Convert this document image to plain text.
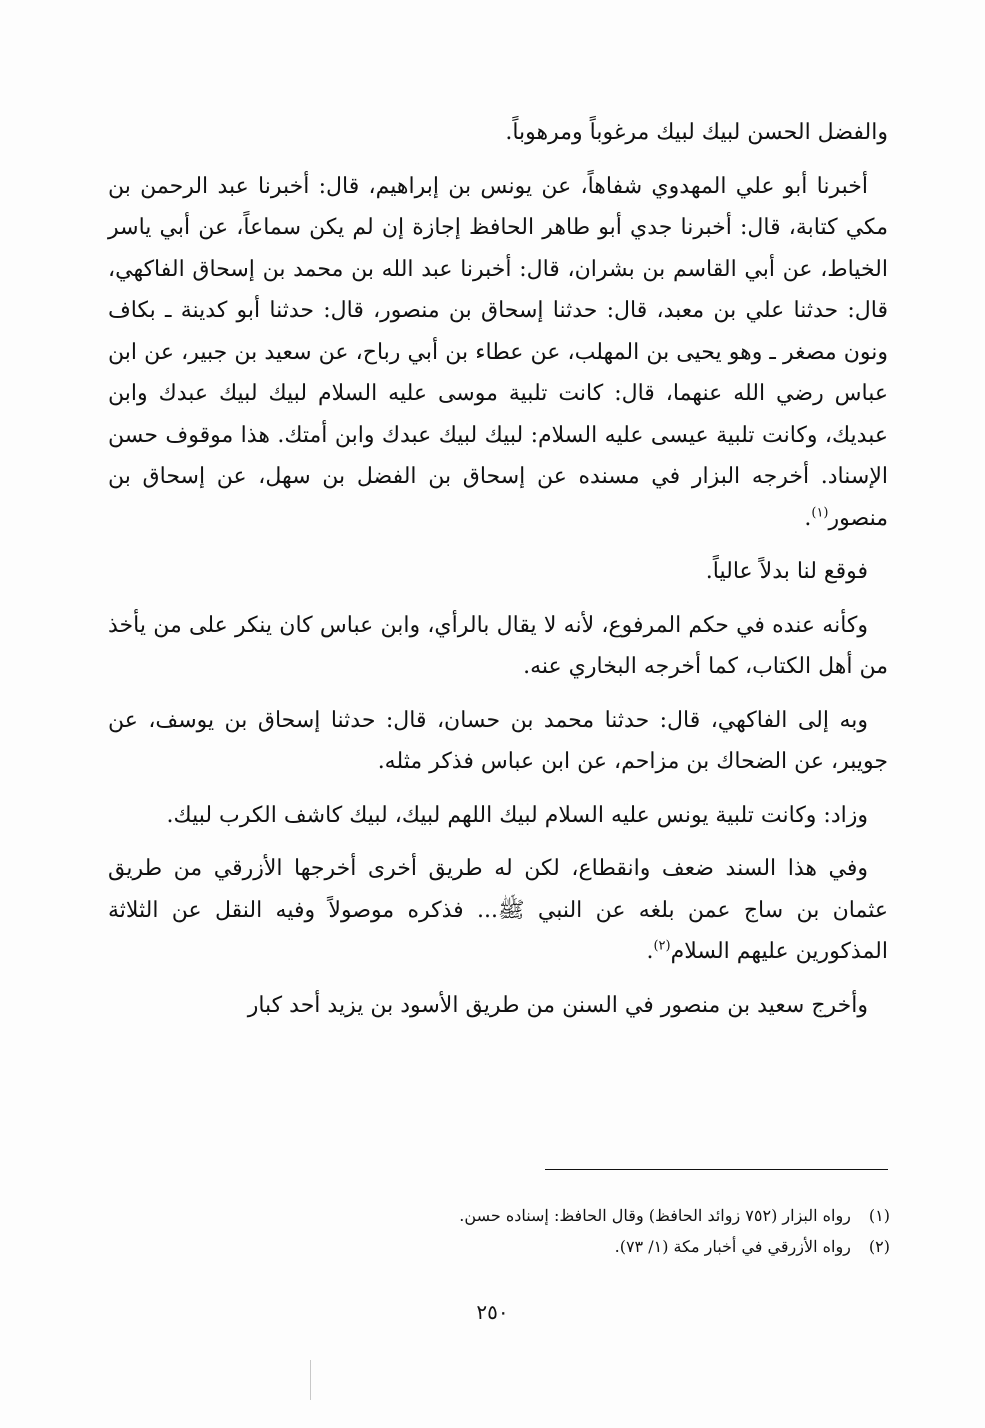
والفضل الحسن لبيك لبيك مرغوباً ومرهوباً.

أخبرنا أبو علي المهدوي شفاهاً، عن يونس بن إبراهيم، قال: أخبرنا عبد الرحمن بن مكي كتابة، قال: أخبرنا جدي أبو طاهر الحافظ إجازة إن لم يكن سماعاً، عن أبي ياسر الخياط، عن أبي القاسم بن بشران، قال: أخبرنا عبد الله بن محمد بن إسحاق الفاكهي، قال: حدثنا علي بن معبد، قال: حدثنا إسحاق بن منصور، قال: حدثنا أبو كدينة ـ بكاف ونون مصغر ـ وهو يحيى بن المهلب، عن عطاء بن أبي رباح، عن سعيد بن جبير، عن ابن عباس رضي الله عنهما، قال: كانت تلبية موسى عليه السلام لبيك لبيك عبدك وابن عبديك، وكانت تلبية عيسى عليه السلام: لبيك لبيك عبدك وابن أمتك. هذا موقوف حسن الإسناد. أخرجه البزار في مسنده عن إسحاق بن الفضل بن سهل، عن إسحاق بن منصور$^{(١)}$.

فوقع لنا بدلاً عالياً.

وكأنه عنده في حكم المرفوع، لأنه لا يقال بالرأي، وابن عباس كان ينكر على من يأخذ من أهل الكتاب، كما أخرجه البخاري عنه.

وبه إلى الفاكهي، قال: حدثنا محمد بن حسان، قال: حدثنا إسحاق بن يوسف، عن جويبر، عن الضحاك بن مزاحم، عن ابن عباس فذكر مثله.

وزاد: وكانت تلبية يونس عليه السلام لبيك اللهم لبيك، لبيك كاشف الكرب لبيك.

وفي هذا السند ضعف وانقطاع، لكن له طريق أخرى أخرجها الأزرقي من طريق عثمان بن ساج عمن بلغه عن النبي ﷺ... فذكره موصولاً وفيه النقل عن الثلاثة المذكورين عليهم السلام$^{(٢)}$.

وأخرج سعيد بن منصور في السنن من طريق الأسود بن يزيد أحد كبار

(١)
رواه البزار (٧٥٢ زوائد الحافظ) وقال الحافظ: إسناده حسن.
(٢)
رواه الأزرقي في أخبار مكة (١/ ٧٣).
٢٥٠
